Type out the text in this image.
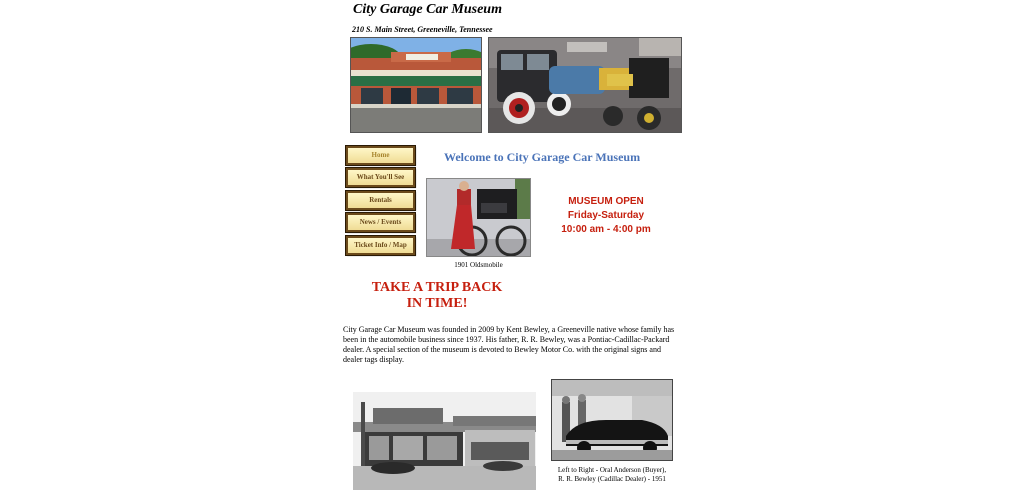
City Garage Car Museum
210 S. Main Street, Greeneville, Tennessee
Home
What You'll See
Rentals
News / Events
Ticket Info / Map
Welcome to City Garage Car Museum
1901 Oldsmobile
MUSEUM OPEN
Friday-Saturday
10:00 am - 4:00 pm
TAKE A TRIP BACK
IN TIME!
City Garage Car Museum was founded in 2009 by Kent Bewley, a Greeneville native whose family has been in the automobile business since 1937. His father, R. R. Bewley, was a Pontiac-Cadillac-Packard dealer. A special section of the museum is devoted to Bewley Motor Co. with the original signs and dealer tags display.
Left to Right - Oral Anderson (Buyer),
R. R. Bewley (Cadillac Dealer) - 1951
